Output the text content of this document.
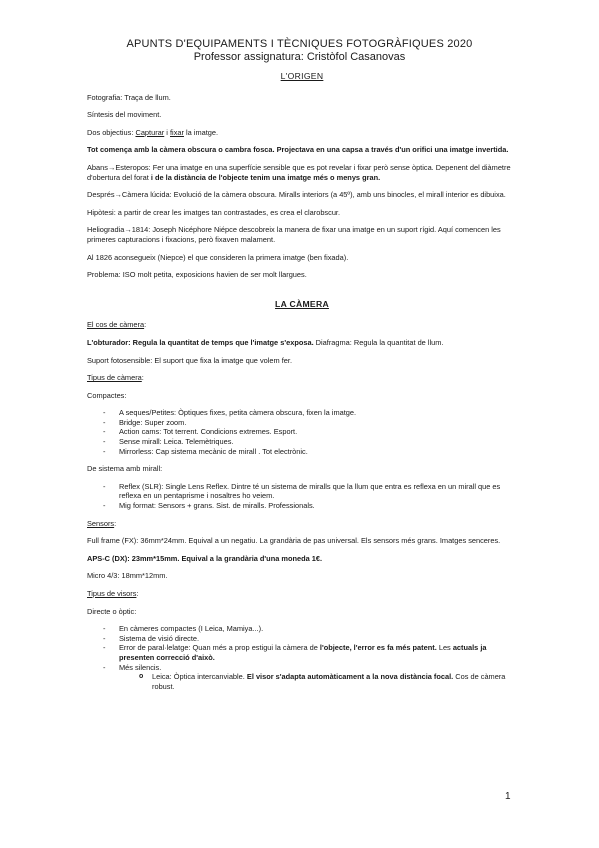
APUNTS D'EQUIPAMENTS I TÈCNIQUES FOTOGRÀFIQUES 2020
Professor assignatura: Cristòfol Casanovas
L'ORIGEN

Fotografia: Traça de llum.

Síntesis del moviment.

Dos objectius: Capturar i fixar la imatge.

Tot comença amb la càmera obscura o cambra fosca. Projectava en una capsa a través d'un orifici una imatge invertida.

Abans→Esteropos: Fer una imatge en una superfície sensible que es pot revelar i fixar però sense òptica. Depenent del diàmetre d'obertura del forat i de la distància de l'objecte tenim una imatge més o menys gran.

Després→Càmera lúcida: Evolució de la càmera obscura. Miralls interiors (a 45º), amb uns binocles, el mirall interior es dibuixa.

Hipòtesi: a partir de crear les imatges tan contrastades, es crea el clarobscur.

Heliogradia→1814: Joseph Nicéphore Niépce descobreix la manera de fixar una imatge en un suport rígid. Aquí comencen les primeres capturacions i fixacions, però fixaven malament.

Al 1826 aconsegueix (Niepce) el que consideren la primera imatge (ben fixada).

Problema: ISO molt petita, exposicions havien de ser molt llargues.

LA CÀMERA

El cos de càmera:

L'obturador: Regula la quantitat de temps que l'imatge s'exposa. Diafragma: Regula la quantitat de llum.

Suport fotosensible: El suport que fixa la imatge que volem fer.

Tipus de càmera:

Compactes:

- A seques/Petites: Òptiques fixes, petita càmera obscura, fixen la imatge.
- Bridge: Super zoom.
- Action cams: Tot terrent. Condicions extremes. Esport.
- Sense mirall: Leica. Telemètriques.
- Mirrorless: Cap sistema mecànic de mirall . Tot electrònic.

De sistema amb mirall:

- Reflex (SLR): Single Lens Reflex. Dintre té un sistema de miralls que la llum que entra es reflexa en un mirall que es reflexa en un pentaprisme i nosaltres ho veiem.
- Mig format: Sensors + grans. Sist. de miralls. Professionals.

Sensors:

Full frame (FX): 36mm*24mm. Equival a un negatiu. La grandària de pas universal. Els sensors més grans. Imatges senceres.

APS-C (DX): 23mm*15mm. Equival a la grandària d'una moneda 1€.

Micro 4/3: 18mm*12mm.

Tipus de visors:

Directe o òptic:

- En càmeres compactes (I Leica, Mamiya...).
- Sistema de visió directe.
- Error de paral·lelatge: Quan més a prop estigui la càmera de l'objecte, l'error es fa més patent. Les actuals ja presenten correcció d'això.
- Més silencis.
o Leica: Òptica intercanviable. El visor s'adapta automàticament a la nova distància focal. Cos de càmera robust.
1
